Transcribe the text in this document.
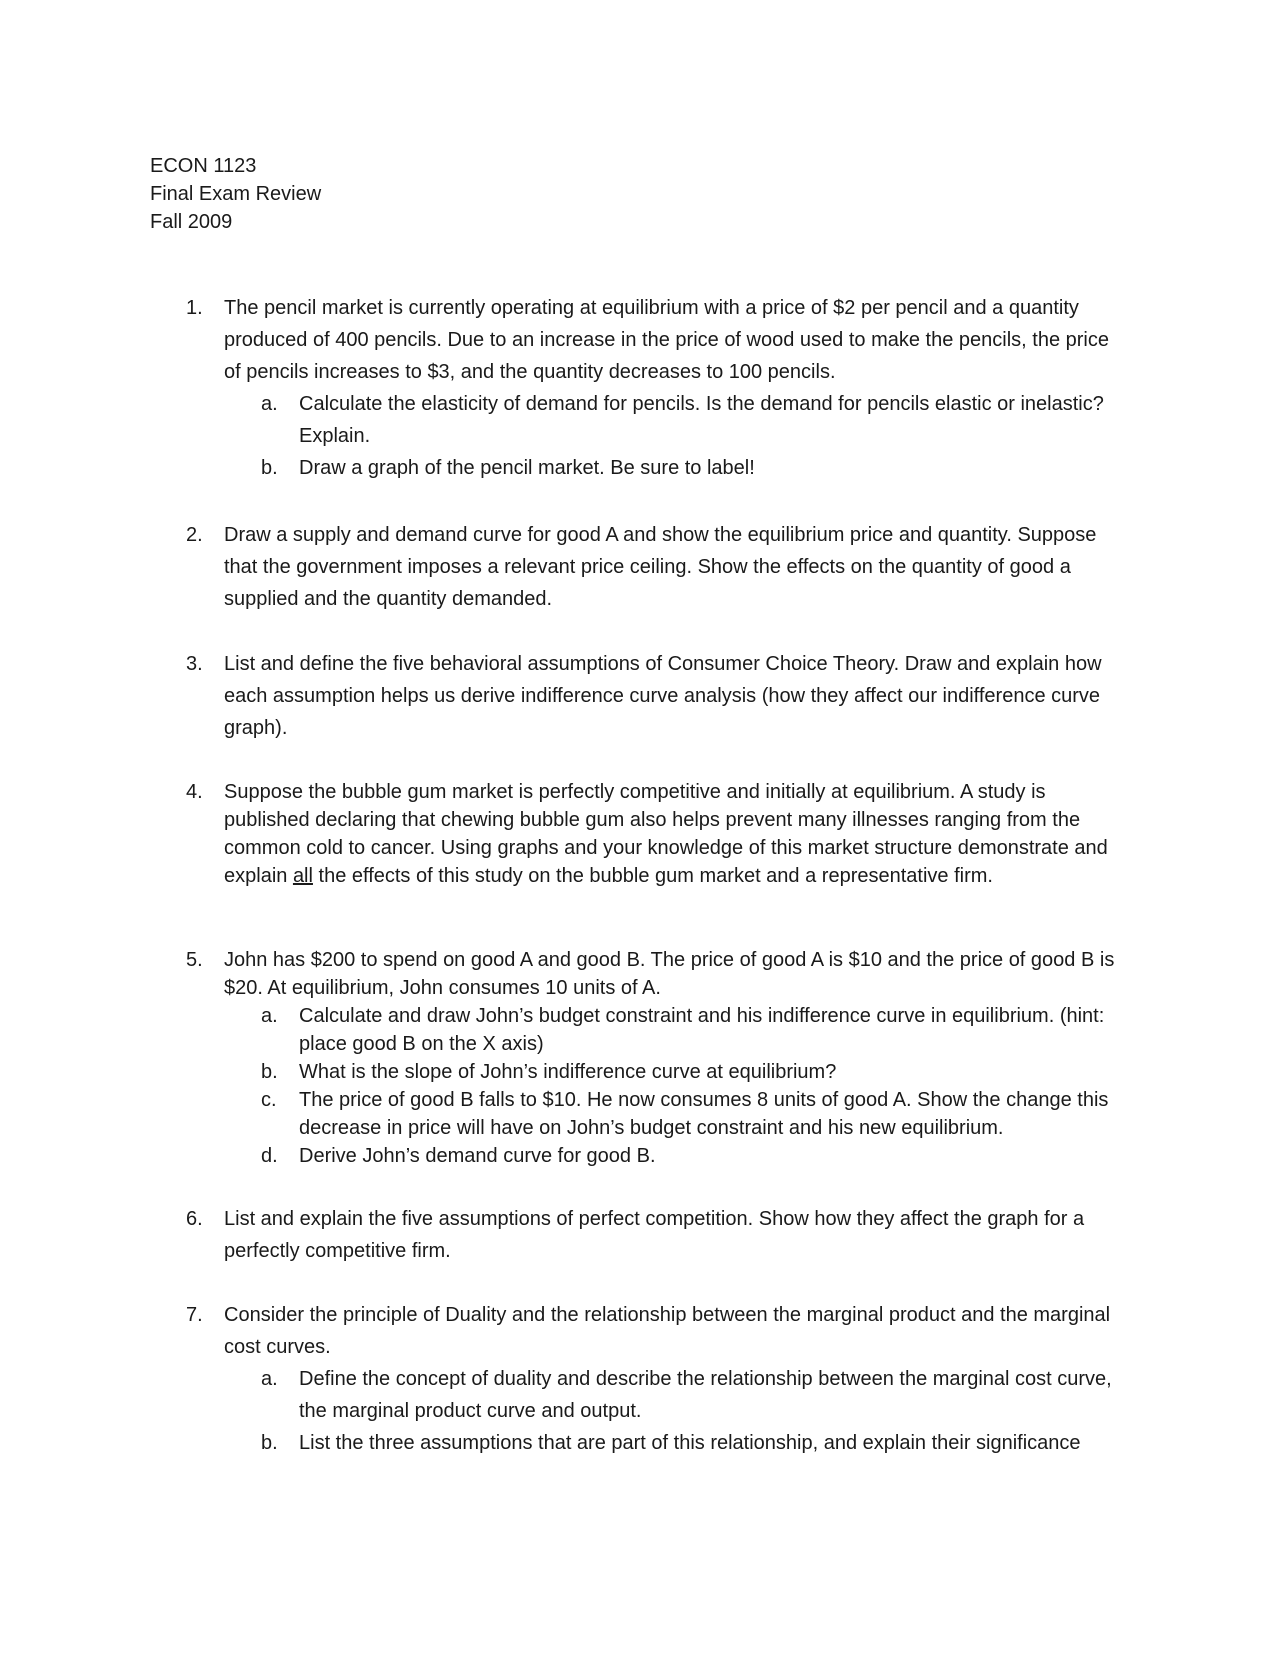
ECON 1123
Final Exam Review
Fall 2009
1.	The pencil market is currently operating at equilibrium with a price of $2 per pencil and a quantity produced of 400 pencils. Due to an increase in the price of wood used to make the pencils, the price of pencils increases to $3, and the quantity decreases to 100 pencils.
a.	Calculate the elasticity of demand for pencils. Is the demand for pencils elastic or inelastic? Explain.
b.	Draw a graph of the pencil market. Be sure to label!
2.	Draw a supply and demand curve for good A and show the equilibrium price and quantity. Suppose that the government imposes a relevant price ceiling. Show the effects on the quantity of good a supplied and the quantity demanded.
3.	List and define the five behavioral assumptions of Consumer Choice Theory. Draw and explain how each assumption helps us derive indifference curve analysis (how they affect our indifference curve graph).
4.	Suppose the bubble gum market is perfectly competitive and initially at equilibrium. A study is published declaring that chewing bubble gum also helps prevent many illnesses ranging from the common cold to cancer. Using graphs and your knowledge of this market structure demonstrate and explain all the effects of this study on the bubble gum market and a representative firm.
5.	John has $200 to spend on good A and good B. The price of good A is $10 and the price of good B is $20. At equilibrium, John consumes 10 units of A.
a.	Calculate and draw John’s budget constraint and his indifference curve in equilibrium. (hint: place good B on the X axis)
b.	What is the slope of John’s indifference curve at equilibrium?
c.	The price of good B falls to $10. He now consumes 8 units of good A. Show the change this decrease in price will have on John’s budget constraint and his new equilibrium.
d.	Derive John’s demand curve for good B.
6.	List and explain the five assumptions of perfect competition. Show how they affect the graph for a perfectly competitive firm.
7.	Consider the principle of Duality and the relationship between the marginal product and the marginal cost curves.
a.	Define the concept of duality and describe the relationship between the marginal cost curve, the marginal product curve and output.
b.	List the three assumptions that are part of this relationship, and explain their significance
